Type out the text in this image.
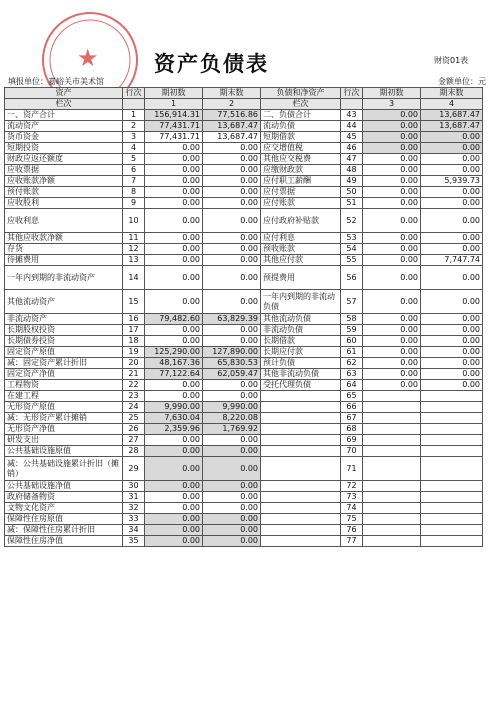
★	资产负债表	财资01表
填报单位：嘉峪关市美术馆	金额单位：元
资产	行次	期初数	期末数	负债和净资产	行次	期初数	期末数
栏次		1	2	栏次		3	4
一、资产合计	1	156,914.31	77,516.86	二、负债合计	43	0.00	13,687.47
流动资产	2	77,431.71	13,687.47	流动负债	44	0.00	13,687.47
货币资金	3	77,431.71	13,687.47	短期借款	45	0.00	0.00
短期投资	4	0.00	0.00	应交增值税	46	0.00	0.00
财政应返还额度	5	0.00	0.00	其他应交税费	47	0.00	0.00
应收票据	6	0.00	0.00	应缴财政款	48	0.00	0.00
应收账款净额	7	0.00	0.00	应付职工薪酬	49	0.00	5,939.73
预付账款	8	0.00	0.00	应付票据	50	0.00	0.00
应收股利	9	0.00	0.00	应付账款	51	0.00	0.00
应收利息	10	0.00	0.00	应付政府补贴款	52	0.00	0.00
其他应收款净额	11	0.00	0.00	应付利息	53	0.00	0.00
存货	12	0.00	0.00	预收账款	54	0.00	0.00
待摊费用	13	0.00	0.00	其他应付款	55	0.00	7,747.74
一年内到期的非流动资产	14	0.00	0.00	预提费用	56	0.00	0.00
其他流动资产	15	0.00	0.00	一年内到期的非流动负债	57	0.00	0.00
非流动资产	16	79,482.60	63,829.39	其他流动负债	58	0.00	0.00
长期股权投资	17	0.00	0.00	非流动负债	59	0.00	0.00
长期债券投资	18	0.00	0.00	长期借款	60	0.00	0.00
固定资产原值	19	125,290.00	127,890.00	长期应付款	61	0.00	0.00
减：固定资产累计折旧	20	48,167.36	65,830.53	预计负债	62	0.00	0.00
固定资产净值	21	77,122.64	62,059.47	其他非流动负债	63	0.00	0.00
工程物资	22	0.00	0.00	受托代理负债	64	0.00	0.00
在建工程	23	0.00	0.00		65		
无形资产原值	24	9,990.00	9,990.00		66		
减：无形资产累计摊销	25	7,630.04	8,220.08		67		
无形资产净值	26	2,359.96	1,769.92		68		
研发支出	27	0.00	0.00		69		
公共基础设施原值	28	0.00	0.00		70		
减：公共基础设施累计折旧（摊销）	29	0.00	0.00		71		
公共基础设施净值	30	0.00	0.00		72		
政府储备物资	31	0.00	0.00		73		
文物文化资产	32	0.00	0.00		74		
保障性住房原值	33	0.00	0.00		75		
减：保障性住房累计折旧	34	0.00	0.00		76		
保障性住房净值	35	0.00	0.00		77		
